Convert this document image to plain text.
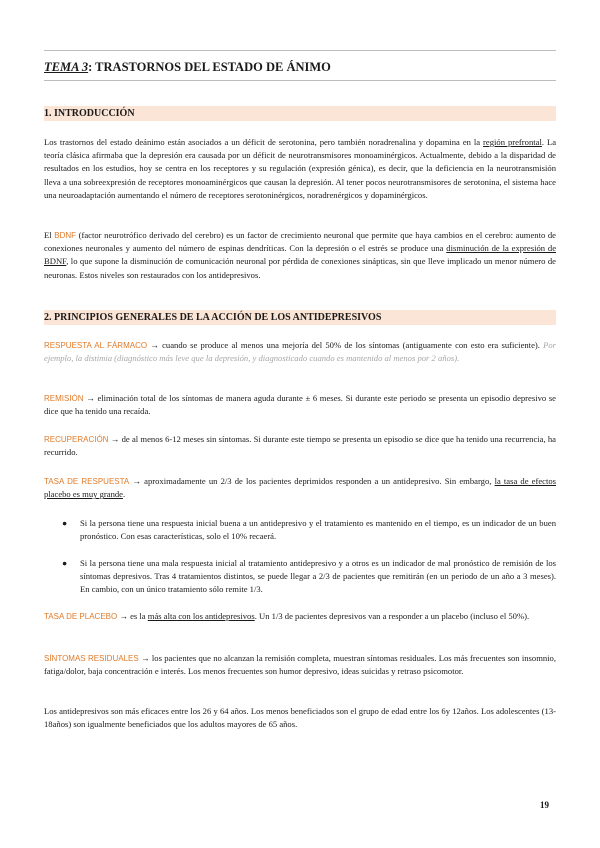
TEMA 3: TRASTORNOS DEL ESTADO DE ÁNIMO
1. INTRODUCCIÓN

Los trastornos del estado deánimo están asociados a un déficit de serotonina, pero también noradrenalina y dopamina en la región prefrontal. La teoría clásica afirmaba que la depresión era causada por un déficit de neurotransmisores monoaminérgicos. Actualmente, debido a la disparidad de resultados en los estudios, hoy se centra en los receptores y su regulación (expresión génica), es decir, que la deficiencia en la neurotransmisión lleva a una sobreexpresión de receptores monoaminérgicos que causan la depresión. Al tener pocos neurotransmisores de serotonina, el sistema hace una neuroadaptación aumentando el número de receptores serotoninérgicos, noradrenérgicos y dopaminérgicos.

El BDNF (factor neurotrófico derivado del cerebro) es un factor de crecimiento neuronal que permite que haya cambios en el cerebro: aumento de conexiones neuronales y aumento del número de espinas dendríticas. Con la depresión o el estrés se produce una disminución de la expresión de BDNF, lo que supone la disminución de comunicación neuronal por pérdida de conexiones sinápticas, sin que lleve implicado un menor número de neuronas. Estos niveles son restaurados con los antidepresivos.

2. PRINCIPIOS GENERALES DE LA ACCIÓN DE LOS ANTIDEPRESIVOS

RESPUESTA AL FÁRMACO → cuando se produce al menos una mejoría del 50% de los síntomas (antiguamente con esto era suficiente). Por ejemplo, la distimia (diagnóstico más leve que la depresión, y diagnosticado cuando es mantenido al menos por 2 años).

REMISIÓN → eliminación total de los síntomas de manera aguda durante ± 6 meses. Si durante este periodo se presenta un episodio depresivo se dice que ha tenido una recaída.

RECUPERACIÓN → de al menos 6-12 meses sin síntomas. Si durante este tiempo se presenta un episodio se dice que ha tenido una recurrencia, ha recurrido.

TASA DE RESPUESTA → aproximadamente un 2/3 de los pacientes deprimidos responden a un antidepresivo. Sin embargo, la tasa de efectos placebo es muy grande.

● Si la persona tiene una respuesta inicial buena a un antidepresivo y el tratamiento es mantenido en el tiempo, es un indicador de un buen pronóstico. Con esas características, solo el 10% recaerá.
● Si la persona tiene una mala respuesta inicial al tratamiento antidepresivo y a otros es un indicador de mal pronóstico de remisión de los síntomas depresivos. Tras 4 tratamientos distintos, se puede llegar a 2/3 de pacientes que remitirán (en un periodo de un año a 3 meses). En cambio, con un único tratamiento sólo remite 1/3.

TASA DE PLACEBO → es la más alta con los antidepresivos. Un 1/3 de pacientes depresivos van a responder a un placebo (incluso el 50%).

SÍNTOMAS RESIDUALES → los pacientes que no alcanzan la remisión completa, muestran síntomas residuales. Los más frecuentes son insomnio, fatiga/dolor, baja concentración e interés. Los menos frecuentes son humor depresivo, ideas suicidas y retraso psicomotor.

Los antidepresivos son más eficaces entre los 26 y 64 años. Los menos beneficiados son el grupo de edad entre los 6y 12años. Los adolescentes (13-18años) son igualmente beneficiados que los adultos mayores de 65 años.

19
